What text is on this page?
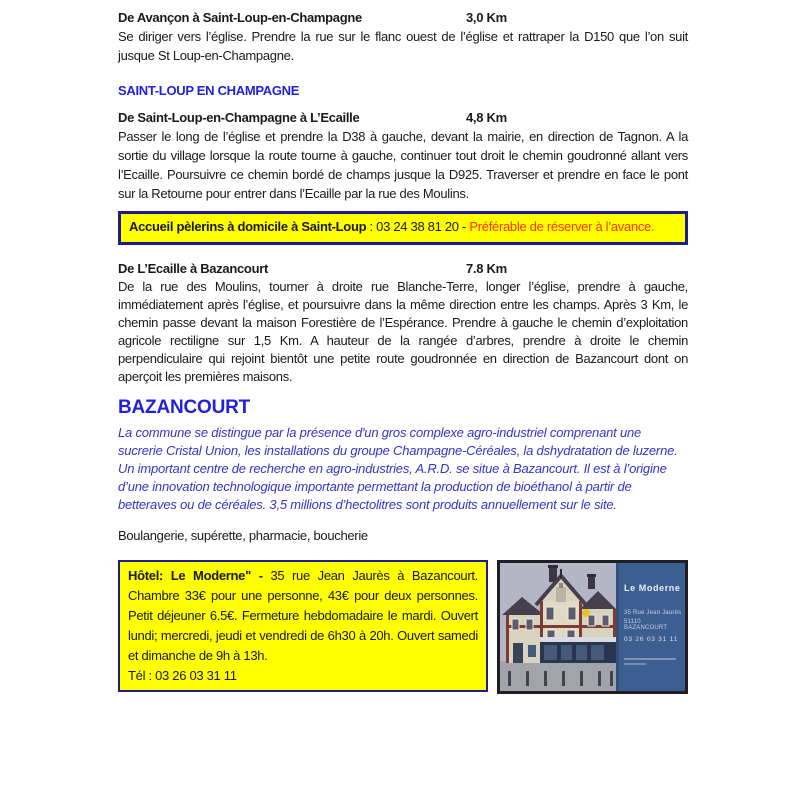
De Avançon à Saint-Loup-en-Champagne	3,0 Km

Se diriger vers l’église. Prendre la rue sur le flanc ouest de l’église et rattraper la D150 que l’on suit jusque St Loup-en-Champagne.

SAINT-LOUP EN CHAMPAGNE
De Saint-Loup-en-Champagne à L’Ecaille	4,8 Km

Passer le long de l’église et prendre la D38 à gauche, devant la mairie, en direction de Tagnon. A la sortie du village lorsque la route tourne à gauche, continuer tout droit le chemin goudronné allant vers l’Ecaille. Poursuivre ce chemin bordé de champs jusque la D925. Traverser et prendre en face le pont sur la Retourne pour entrer dans l’Ecaille par la rue des Moulins.

Accueil pèlerins à domicile à Saint-Loup : 03 24 38 81 20 - Préférable de réserver à l’avance.
De L’Ecaille à Bazancourt	7.8 Km

De la rue des Moulins, tourner à droite rue Blanche-Terre, longer l’église, prendre à gauche, immédiatement après l’église, et poursuivre dans la même direction entre les champs. Après 3 Km, le chemin passe devant la maison Forestière de l’Espérance. Prendre à gauche le chemin d’exploitation agricole rectiligne sur 1,5 Km. A hauteur de la rangée d’arbres, prendre à droite le chemin perpendiculaire qui rejoint bientôt une petite route goudronnée en direction de Bazancourt dont on aperçoit les premières maisons.

BAZANCOURT

La commune se distingue par la présence d'un gros complexe agro-industriel comprenant une sucrerie Cristal Union, les installations du groupe Champagne-Céréales, la dshydratation de luzerne. Un important centre de recherche en agro-industries, A.R.D. se situe à Bazancourt. Il est à l’origine d’une innovation technologique importante permettant la production de bioéthanol à partir de betteraves ou de céréales. 3,5 millions d’hectolitres sont produits annuellement sur le site.

Boulangerie, supérette, pharmacie, boucherie

Hôtel: Le Moderne" - 35 rue Jean Jaurès à Bazancourt. Chambre 33€ pour une personne, 43€ pour deux personnes. Petit déjeuner 6.5€. Fermeture hebdomadaire le mardi. Ouvert lundi; mercredi, jeudi et vendredi de 6h30 à 20h. Ouvert samedi et dimanche de 9h à 13h.
Tél : 03 26 03 31 11
Le Moderne
35 Rue Jean Jaurès
51110 BAZANCOURT
03 26 03 31 11
